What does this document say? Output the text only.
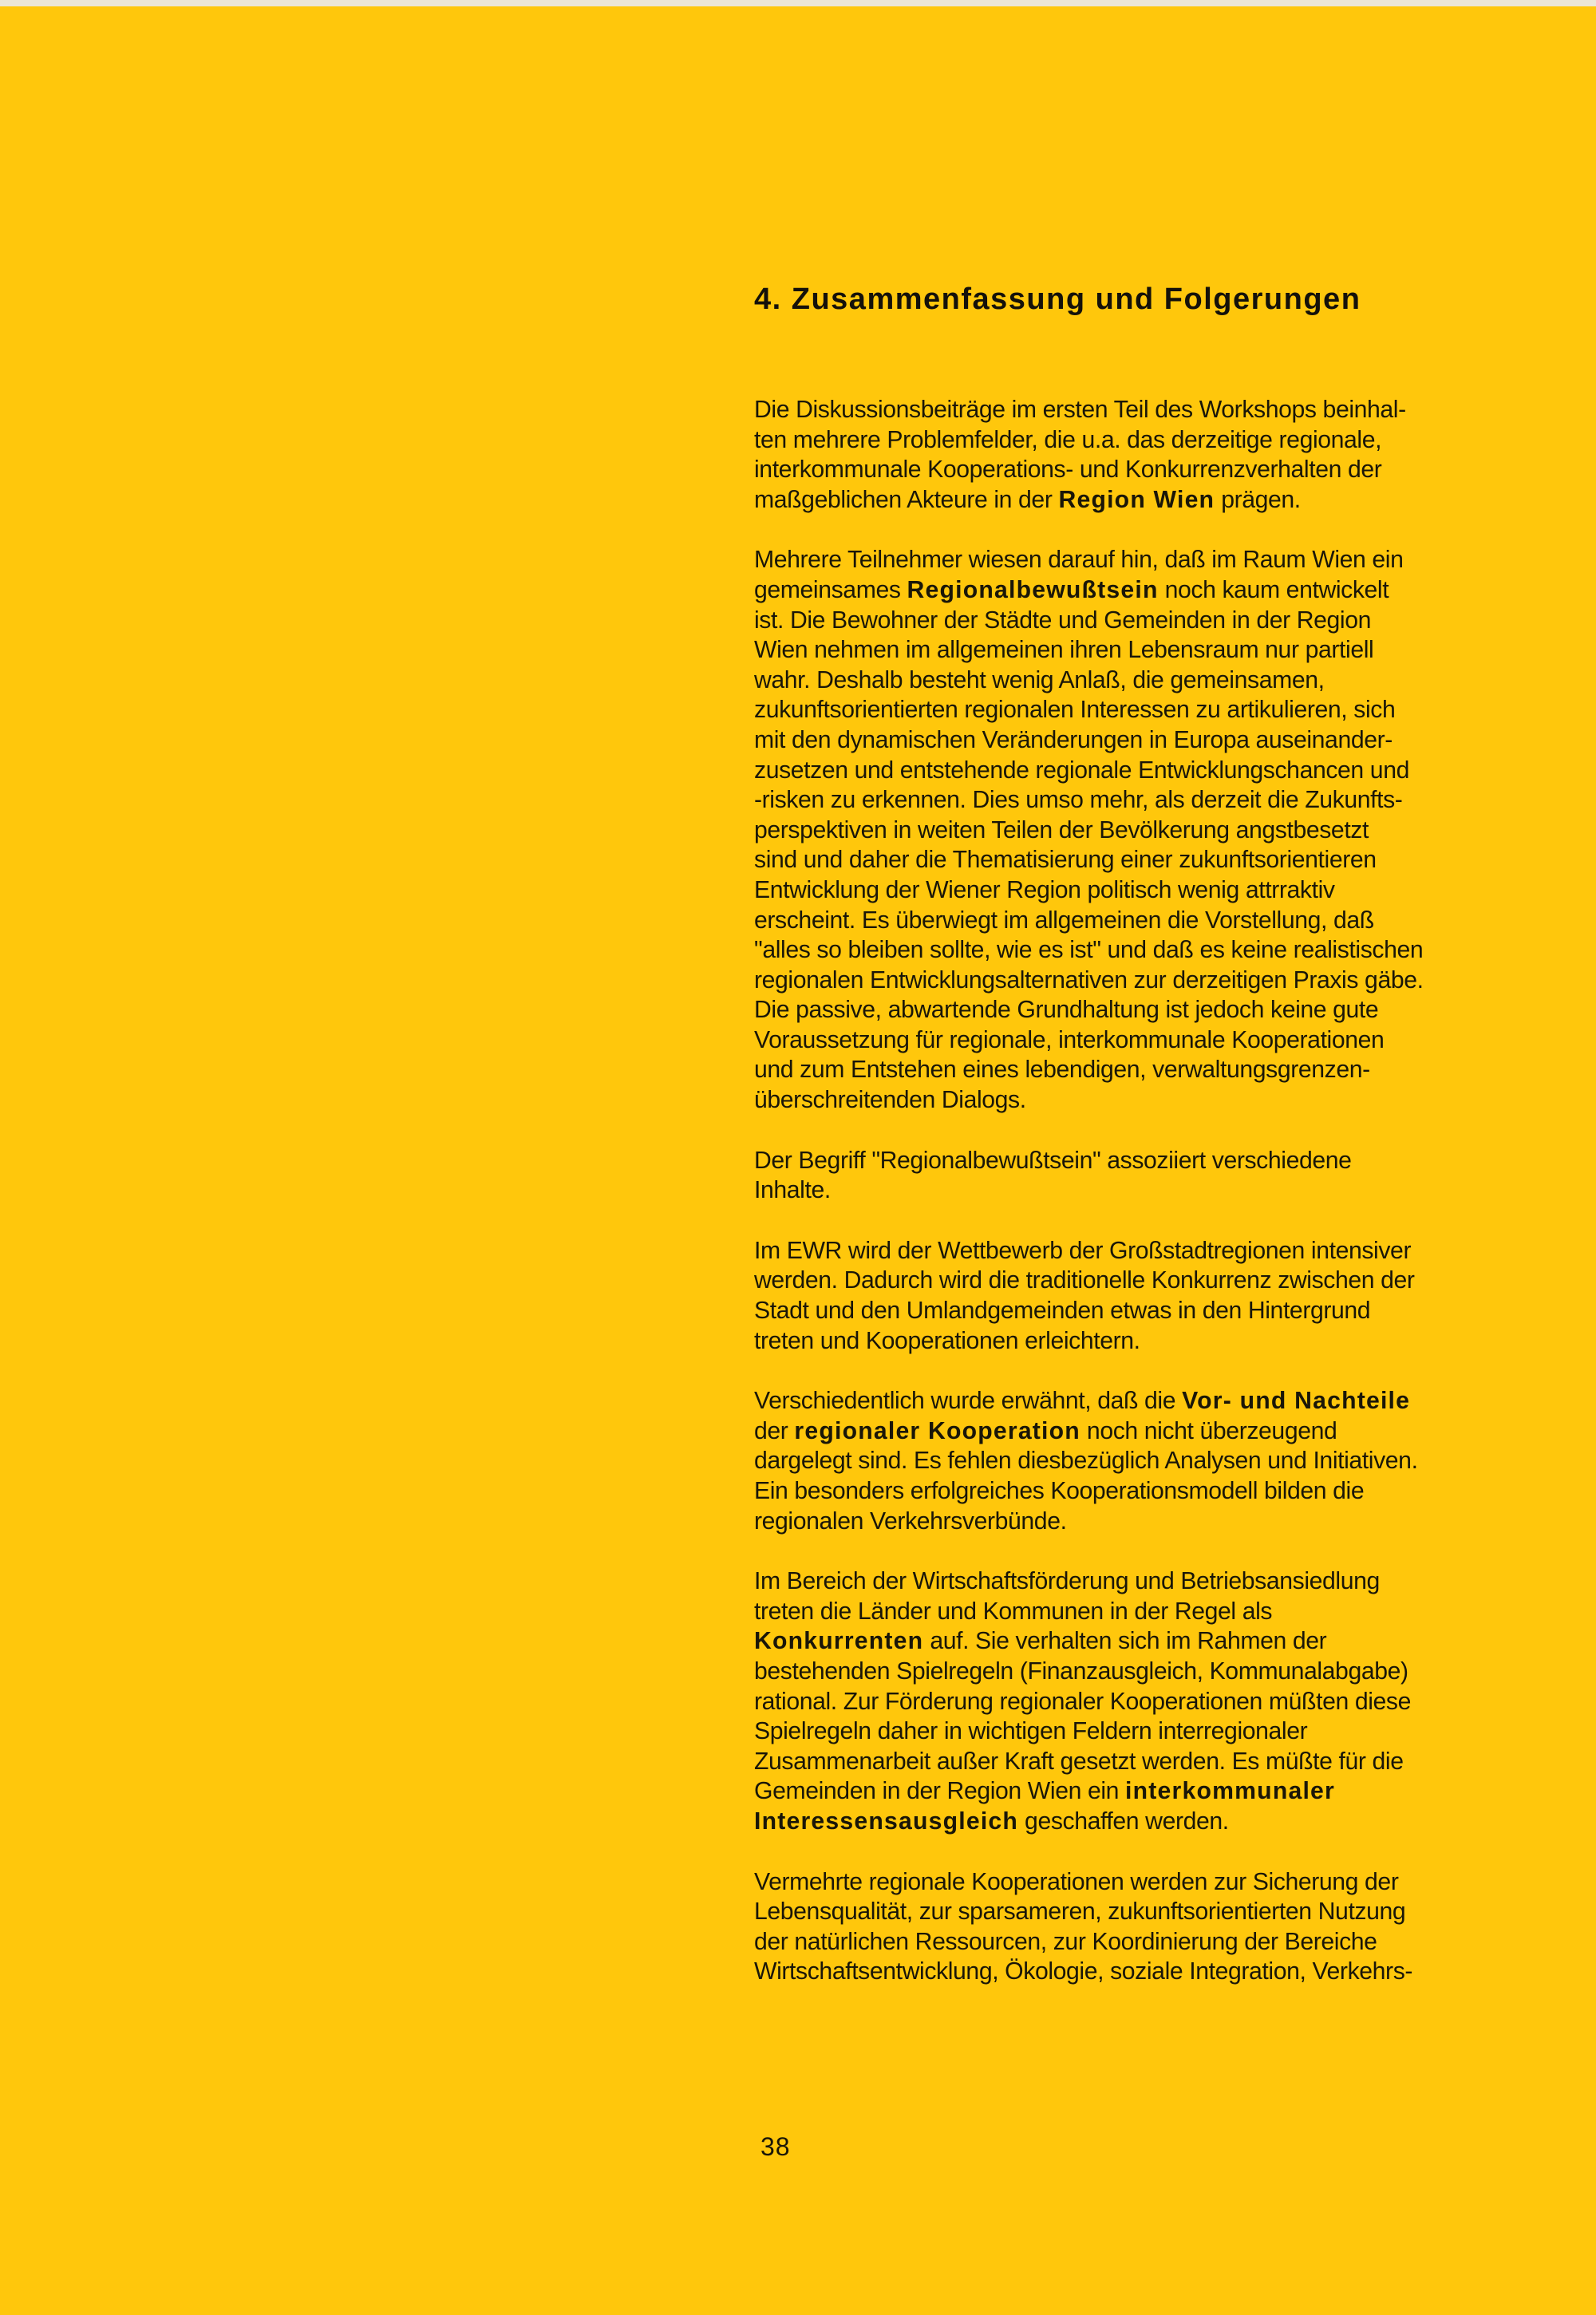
4. Zusammenfassung und Folgerungen

Die Diskussionsbeiträge im ersten Teil des Workshops beinhal-
ten mehrere Problemfelder, die u.a. das derzeitige regionale,
interkommunale Kooperations- und Konkurrenzverhalten der
maßgeblichen Akteure in der Region Wien prägen.

Mehrere Teilnehmer wiesen darauf hin, daß im Raum Wien ein
gemeinsames Regionalbewußtsein noch kaum entwickelt
ist. Die Bewohner der Städte und Gemeinden in der Region
Wien nehmen im allgemeinen ihren Lebensraum nur partiell
wahr. Deshalb besteht wenig Anlaß, die gemeinsamen,
zukunftsorientierten regionalen Interessen zu artikulieren, sich
mit den dynamischen Veränderungen in Europa auseinander-
zusetzen und entstehende regionale Entwicklungschancen und
-risken zu erkennen. Dies umso mehr, als derzeit die Zukunfts-
perspektiven in weiten Teilen der Bevölkerung angstbesetzt
sind und daher die Thematisierung einer zukunftsorientieren
Entwicklung der Wiener Region politisch wenig attrraktiv
erscheint. Es überwiegt im allgemeinen die Vorstellung, daß
"alles so bleiben sollte, wie es ist" und daß es keine realistischen
regionalen Entwicklungsalternativen zur derzeitigen Praxis gäbe.
Die passive, abwartende Grundhaltung ist jedoch keine gute
Voraussetzung für regionale, interkommunale Kooperationen
und zum Entstehen eines lebendigen, verwaltungsgrenzen-
überschreitenden Dialogs.

Der Begriff "Regionalbewußtsein" assoziiert verschiedene
Inhalte.

Im EWR wird der Wettbewerb der Großstadtregionen intensiver
werden. Dadurch wird die traditionelle Konkurrenz zwischen der
Stadt und den Umlandgemeinden etwas in den Hintergrund
treten und Kooperationen erleichtern.

Verschiedentlich wurde erwähnt, daß die Vor- und Nachteile
der regionaler Kooperation noch nicht überzeugend
dargelegt sind. Es fehlen diesbezüglich Analysen und Initiativen.
Ein besonders erfolgreiches Kooperationsmodell bilden die
regionalen Verkehrsverbünde.

Im Bereich der Wirtschaftsförderung und Betriebsansiedlung
treten die Länder und Kommunen in der Regel als
Konkurrenten auf. Sie verhalten sich im Rahmen der
bestehenden Spielregeln (Finanzausgleich, Kommunalabgabe)
rational. Zur Förderung regionaler Kooperationen müßten diese
Spielregeln daher in wichtigen Feldern interregionaler
Zusammenarbeit außer Kraft gesetzt werden. Es müßte für die
Gemeinden in der Region Wien ein interkommunaler
Interessensausgleich geschaffen werden.

Vermehrte regionale Kooperationen werden zur Sicherung der
Lebensqualität, zur sparsameren, zukunftsorientierten Nutzung
der natürlichen Ressourcen, zur Koordinierung der Bereiche
Wirtschaftsentwicklung, Ökologie, soziale Integration, Verkehrs-

38
